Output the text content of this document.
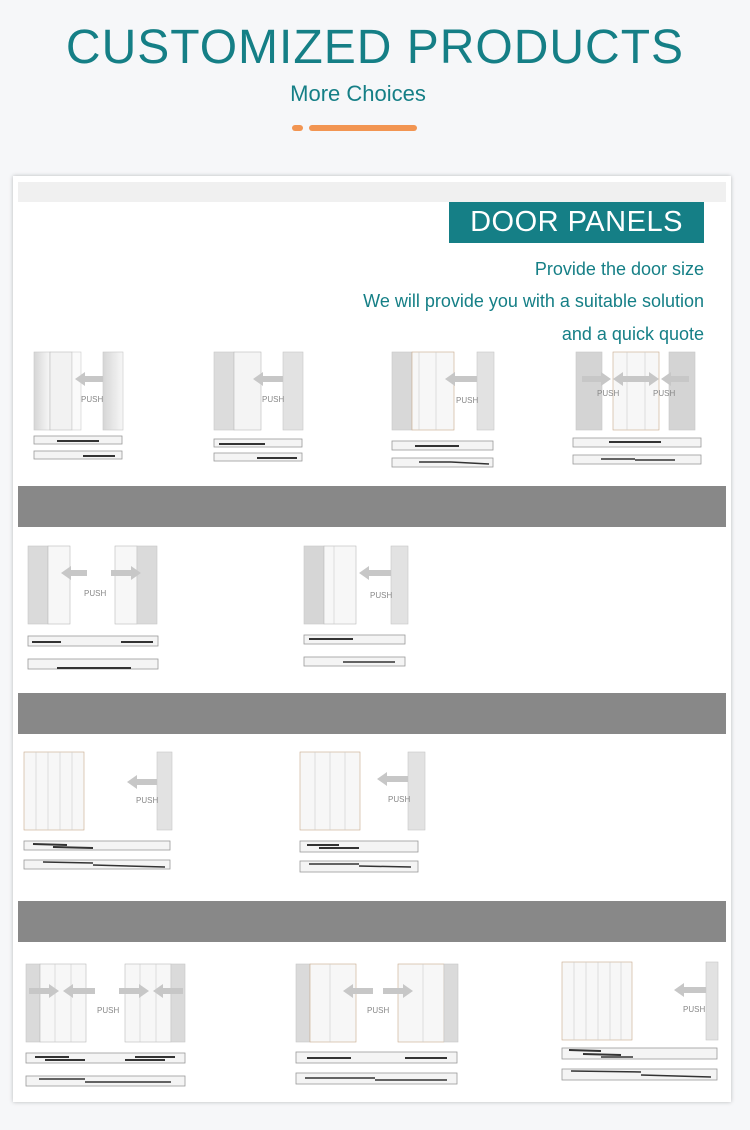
CUSTOMIZED PRODUCTS
More Choices
DOOR PANELS
Provide the door size
We will provide you with a suitable solution
and a quick quote
PUSH	PUSH	PUSH
PUSH	PUSH
PUSH	PUSH
PUSH	PUSH
PUSH	PUSH	PUSH
